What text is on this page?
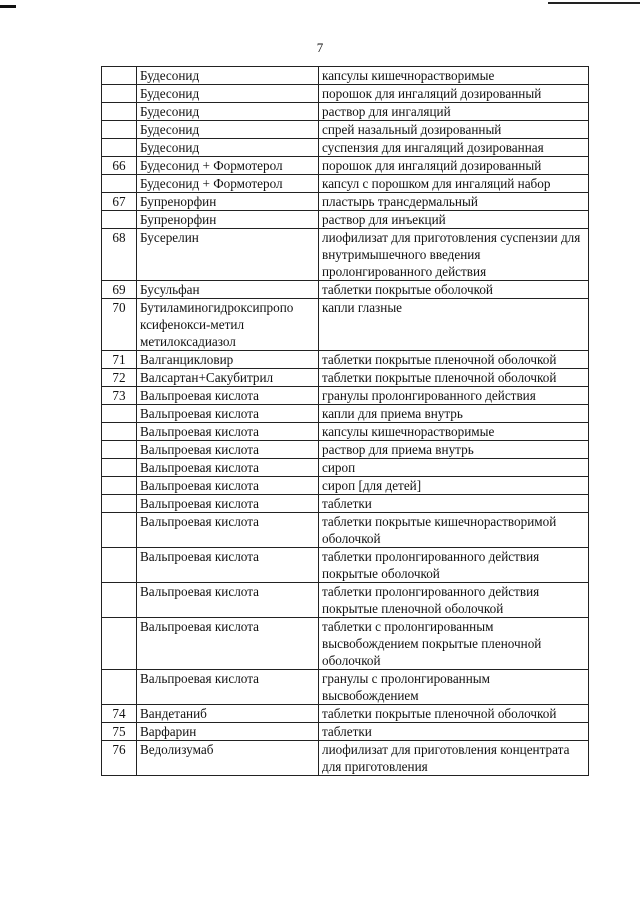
7
	Будесонид	капсулы кишечнорастворимые
	Будесонид	порошок для ингаляций дозированный
	Будесонид	раствор для ингаляций
	Будесонид	спрей назальный дозированный
	Будесонид	суспензия для ингаляций дозированная
66	Будесонид + Формотерол	порошок для ингаляций дозированный
	Будесонид + Формотерол	капсул с порошком для ингаляций набор
67	Бупренорфин	пластырь трансдермальный
	Бупренорфин	раствор для инъекций
68	Бусерелин	лиофилизат для приготовления суспензии для внутримышечного введения пролонгированного действия
69	Бусульфан	таблетки покрытые оболочкой
70	Бутиламиногидроксипропо ксифенокси-метил метилоксадиазол	капли глазные
71	Валганцикловир	таблетки покрытые пленочной оболочкой
72	Валсартан+Сакубитрил	таблетки покрытые пленочной оболочкой
73	Вальпроевая кислота	гранулы пролонгированного действия
	Вальпроевая кислота	капли для приема внутрь
	Вальпроевая кислота	капсулы кишечнорастворимые
	Вальпроевая кислота	раствор для приема внутрь
	Вальпроевая кислота	сироп
	Вальпроевая кислота	сироп [для детей]
	Вальпроевая кислота	таблетки
	Вальпроевая кислота	таблетки покрытые кишечнорастворимой оболочкой
	Вальпроевая кислота	таблетки пролонгированного действия покрытые оболочкой
	Вальпроевая кислота	таблетки пролонгированного действия покрытые пленочной оболочкой
	Вальпроевая кислота	таблетки с пролонгированным высвобождением покрытые пленочной оболочкой
	Вальпроевая кислота	гранулы с пролонгированным высвобождением
74	Вандетаниб	таблетки покрытые пленочной оболочкой
75	Варфарин	таблетки
76	Ведолизумаб	лиофилизат для приготовления концентрата для приготовления
